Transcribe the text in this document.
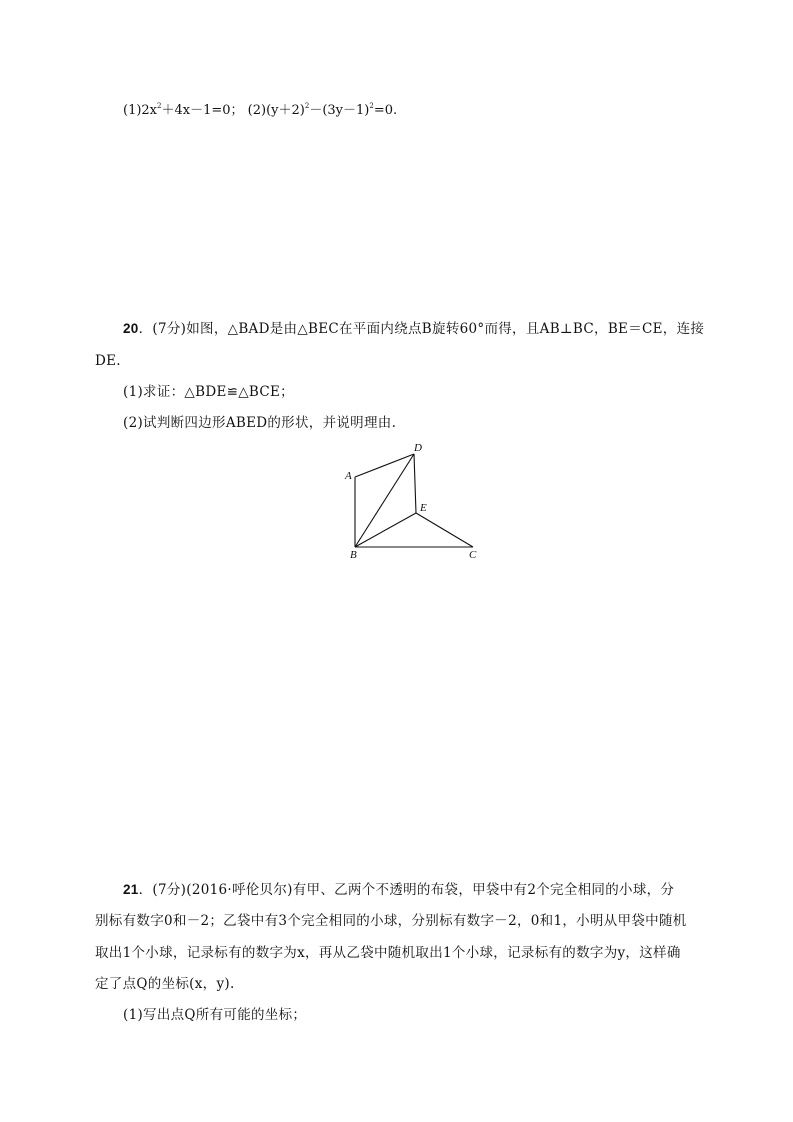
$(1)2x^2+4x-1=0$； $(2)(y+2)^2-(3y-1)^2=0$.
20．(7分)如图，△BAD是由△BEC在平面内绕点B旋转60°而得，且AB⊥BC，BE＝CE，连接
DE.
(1)求证：△BDE≌△BCE；
(2)试判断四边形ABED的形状，并说明理由.
A
D
E
B	C
21．(7分)(2016·呼伦贝尔)有甲、乙两个不透明的布袋，甲袋中有2个完全相同的小球，分
别标有数字0和－2；乙袋中有3个完全相同的小球，分别标有数字－2，0和1，小明从甲袋中随机
取出1个小球，记录标有的数字为x，再从乙袋中随机取出1个小球，记录标有的数字为y，这样确
定了点Q的坐标(x，y).
(1)写出点Q所有可能的坐标；
